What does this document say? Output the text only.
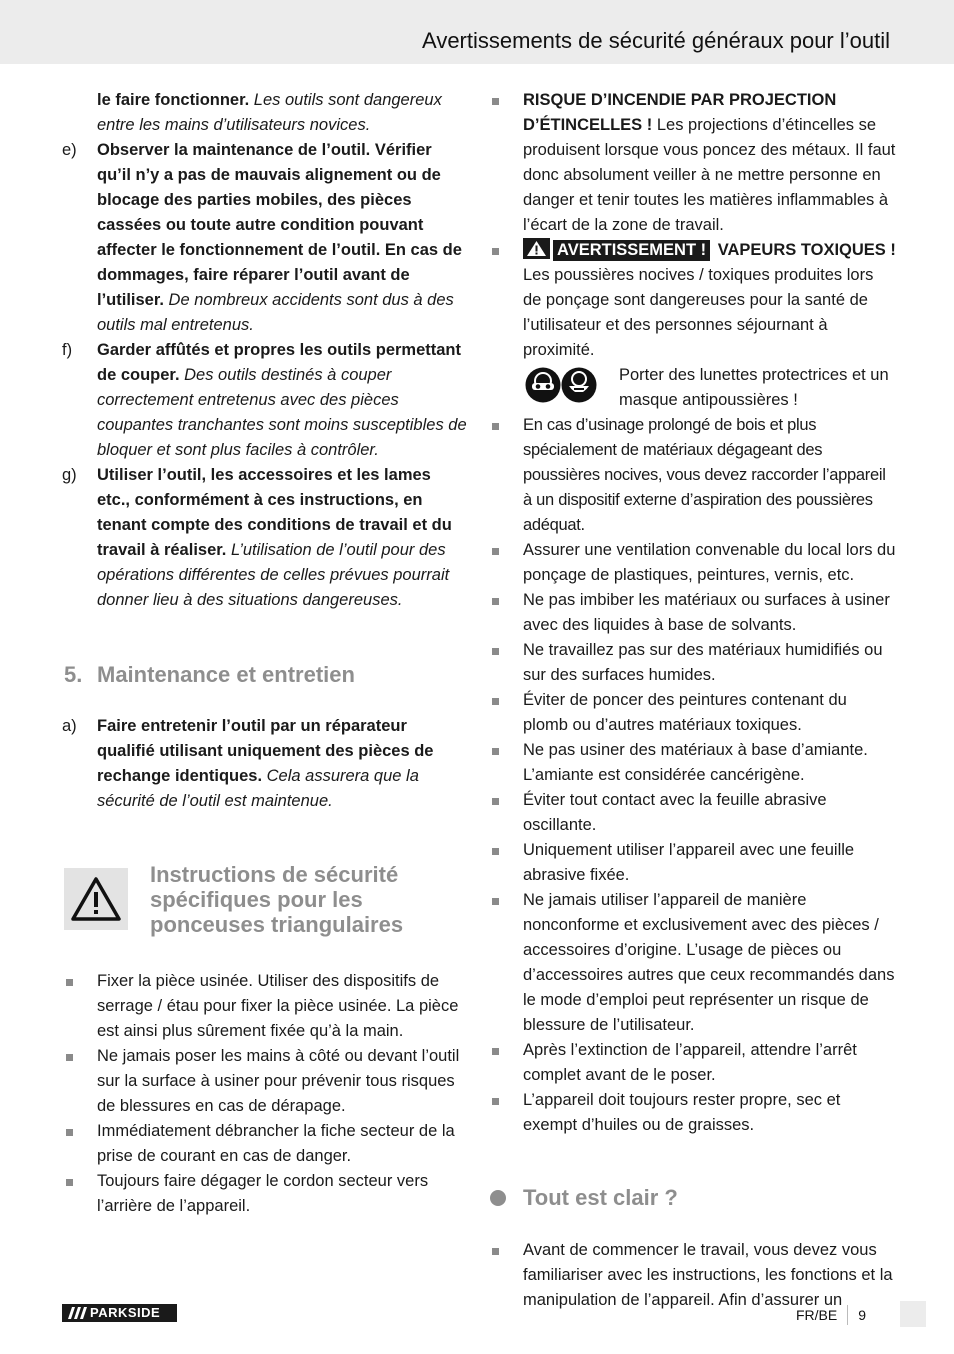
Avertissements de sécurité généraux pour l’outil
le faire fonctionner. Les outils sont dangereux entre les mains d’utilisateurs novices.
e)	Observer la maintenance de l’outil. Vérifier qu’il n’y a pas de mauvais alignement ou de blocage des parties mobiles, des pièces cassées ou toute autre condition pouvant affecter le fonctionnement de l’outil. En cas de dommages, faire réparer l’outil avant de l’utiliser. De nombreux accidents sont dus à des outils mal entretenus.
f)	Garder affûtés et propres les outils permettant de couper. Des outils destinés à couper correctement entretenus avec des pièces coupantes tranchantes sont moins susceptibles de bloquer et sont plus faciles à contrôler.
g)	Utiliser l’outil, les accessoires et les lames etc., conformément à ces instructions, en tenant compte des conditions de travail et du travail à réaliser. L’utilisation de l’outil pour des opérations différentes de celles prévues pourrait donner lieu à des situations dangereuses.
5. Maintenance et entretien
a)	Faire entretenir l’outil par un réparateur qualifié utilisant uniquement des pièces de rechange identiques. Cela assurera que la sécurité de l’outil est maintenue.
Instructions de sécurité spécifiques pour les ponceuses triangulaires
Fixer la pièce usinée. Utiliser des dispositifs de serrage / étau pour fixer la pièce usinée. La pièce est ainsi plus sûrement fixée qu’à la main.
Ne jamais poser les mains à côté ou devant l’outil sur la surface à usiner pour prévenir tous risques de blessures en cas de dérapage.
Immédiatement débrancher la fiche secteur de la prise de courant en cas de danger.
Toujours faire dégager le cordon secteur vers l’arrière de l’appareil.
RISQUE D’INCENDIE PAR PROJECTION D’ÉTINCELLES ! Les projections d’étincelles se produisent lorsque vous poncez des métaux. Il faut donc absolument veiller à ne mettre personne en danger et tenir toutes les matières inflammables à l’écart de la zone de travail.
AVERTISSEMENT ! VAPEURS TOXIQUES ! Les poussières nocives / toxiques produites lors de ponçage sont dangereuses pour la santé de l’utilisateur et des personnes séjournant à proximité.
Porter des lunettes protectrices et un masque antipoussières !
En cas d’usinage prolongé de bois et plus spécialement de matériaux dégageant des poussières nocives, vous devez raccorder l’appareil à un dispositif externe d’aspiration des poussières adéquat.
Assurer une ventilation convenable du local lors du ponçage de plastiques, peintures, vernis, etc.
Ne pas imbiber les matériaux ou surfaces à usiner avec des liquides à base de solvants.
Ne travaillez pas sur des matériaux humidifiés ou sur des surfaces humides.
Éviter de poncer des peintures contenant du plomb ou d’autres matériaux toxiques.
Ne pas usiner des matériaux à base d’amiante. L’amiante est considérée cancérigène.
Éviter tout contact avec la feuille abrasive oscillante.
Uniquement utiliser l’appareil avec une feuille abrasive fixée.
Ne jamais utiliser l’appareil de manière nonconforme et exclusivement avec des pièces / accessoires d’origine. L’usage de pièces ou d’accessoires autres que ceux recommandés dans le mode d’emploi peut représenter un risque de blessure de l’utilisateur.
Après l’extinction de l’appareil, attendre l’arrêt complet avant de le poser.
L’appareil doit toujours rester propre, sec et exempt d’huiles ou de graisses.
Tout est clair ?
Avant de commencer le travail, vous devez vous familiariser avec les instructions, les fonctions et la manipulation de l’appareil. Afin d’assurer un
PARKSIDE	FR/BE 9
